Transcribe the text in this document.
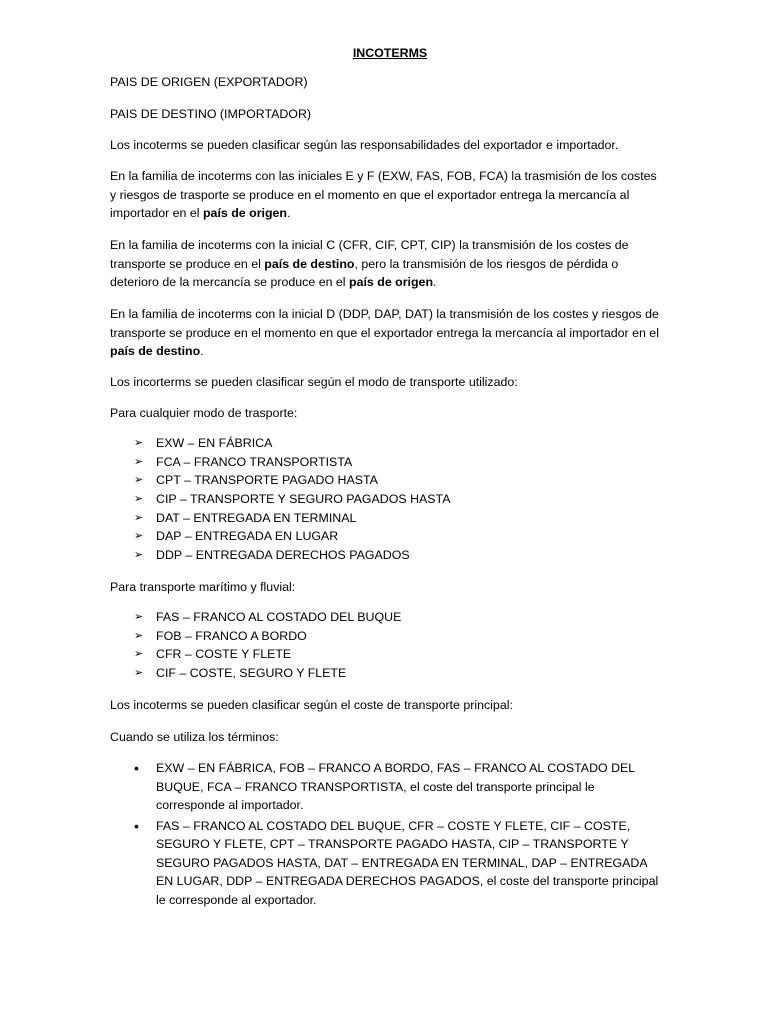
INCOTERMS

PAIS DE ORIGEN (EXPORTADOR)

PAIS DE DESTINO (IMPORTADOR)

Los incoterms se pueden clasificar según las responsabilidades del exportador e importador.

En la familia de incoterms con las iniciales E y F (EXW, FAS, FOB, FCA) la trasmisión de los costes y riesgos de trasporte se produce en el momento en que el exportador entrega la mercancía al importador en el país de origen.

En la familia de incoterms con la inicial C (CFR, CIF, CPT, CIP) la transmisión de los costes de transporte se produce en el país de destino, pero la transmisión de los riesgos de pérdida o deterioro de la mercancía se produce en el país de origen.

En la familia de incoterms con la inicial D (DDP, DAP, DAT) la transmisión de los costes y riesgos de transporte se produce en el momento en que el exportador entrega la mercancía al importador en el país de destino.

Los incorterms se pueden clasificar según el modo de transporte utilizado:

Para cualquier modo de trasporte:

➢ EXW – EN FÁBRICA
➢ FCA – FRANCO TRANSPORTISTA
➢ CPT – TRANSPORTE PAGADO HASTA
➢ CIP – TRANSPORTE Y SEGURO PAGADOS HASTA
➢ DAT – ENTREGADA EN TERMINAL
➢ DAP – ENTREGADA EN LUGAR
➢ DDP – ENTREGADA DERECHOS PAGADOS

Para transporte marítimo y fluvial:

➢ FAS – FRANCO AL COSTADO DEL BUQUE
➢ FOB – FRANCO A BORDO
➢ CFR – COSTE Y FLETE
➢ CIF – COSTE, SEGURO Y FLETE

Los incoterms se pueden clasificar según el coste de transporte principal:

Cuando se utiliza los términos:

• EXW – EN FÁBRICA, FOB – FRANCO A BORDO, FAS – FRANCO AL COSTADO DEL BUQUE, FCA – FRANCO TRANSPORTISTA, el coste del transporte principal le corresponde al importador.
• FAS – FRANCO AL COSTADO DEL BUQUE, CFR – COSTE Y FLETE, CIF – COSTE, SEGURO Y FLETE, CPT – TRANSPORTE PAGADO HASTA, CIP – TRANSPORTE Y SEGURO PAGADOS HASTA, DAT – ENTREGADA EN TERMINAL, DAP – ENTREGADA EN LUGAR, DDP – ENTREGADA DERECHOS PAGADOS, el coste del transporte principal le corresponde al exportador.
